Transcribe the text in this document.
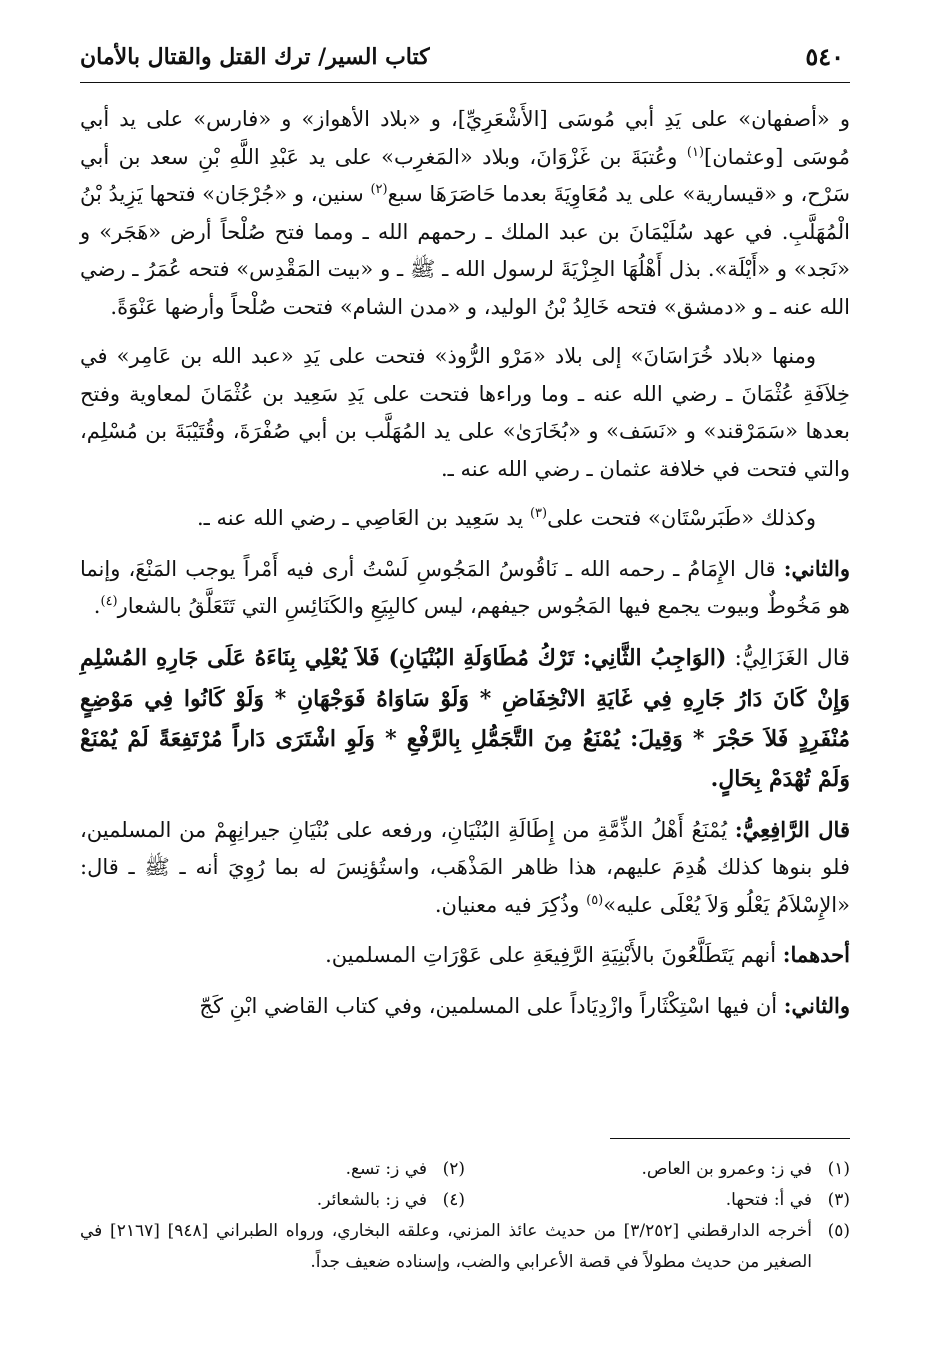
٥٤٠
كتاب السير/ ترك القتل والقتال بالأمان

و «أصفهان» على يَدِ أبي مُوسَى [الأَشْعَرِيِّ]، و «بلاد الأهواز» و «فارس» على يد أبي مُوسَى [وعثمان]$^{(١)}$ وعُتبَةَ بن غَزْوَانَ، وبلاد «المَغرِب» على يد عَبْدِ اللَّهِ بْنِ سعد بن أبي سَرْح، و «قيسارية» على يد مُعَاوِيَةَ بعدما حَاصَرَهَا سبع$^{(٢)}$ سنين، و «جُرْجَان» فتحها يَزِيدُ بْنُ الْمُهَلَّبِ. في عهد سُلَيْمَانَ بن عبد الملك ـ رحمهم الله ـ ومما فتح صُلْحاً أرض «هَجَر» و «نَجد» و «أَيْلَة». بذل أَهْلُهَا الجِزْيَةَ لرسول الله ـ ﷺ ـ و «بيت المَقْدِس» فتحه عُمَرُ ـ رضي الله عنه ـ و «دمشق» فتحه خَالِدُ بْنُ الوليد، و «مدن الشام» فتحت صُلْحاً وأرضها عَنْوَةً.

ومنها «بلاد خُرَاسَانَ» إلى بلاد «مَرْو الرُّوذ» فتحت على يَدِ «عبد الله بن عَامِر» في خِلاَفَةِ عُثْمَانَ ـ رضي الله عنه ـ وما وراءها فتحت على يَدِ سَعِيد بن عُثْمَانَ لمعاوية وفتح بعدها «سَمَرْقند» و «نَسَف» و «بُخَارَىٰ» على يد المُهَلَّب بن أبي صُفْرَةَ، وقُتَيْبَةَ بن مُسْلِم، والتي فتحت في خلافة عثمان ـ رضي الله عنه ـ.

وكذلك «طَبَرسْتَان» فتحت على$^{(٣)}$ يد سَعِيد بن العَاصِي ـ رضي الله عنه ـ.

والثاني: قال الإِمَامُ ـ رحمه الله ـ نَاقُوسُ المَجُوسِ لَسْتُ أرى فيه أَمْراً يوجب المَنْعَ، وإنما هو مَخُوطٌ وبيوت يجمع فيها المَجُوس جيفهم، ليس كالبِيَعِ والكَنَائِسِ التي تَتَعَلَّقُ بالشعار$^{(٤)}$.

قال الغَزَالِيُّ: (الوَاجِبُ الثَّانِي: تَرْكُ مُطَاوَلَةِ البُنْيَانِ) فَلاَ يُعْلِي بِنَاءَهُ عَلَى جَارِهِ المُسْلِمِ وَإِنْ كَانَ دَارُ جَارِهِ فِي غَايَةِ الانْخِفَاضِ * وَلَوْ سَاوَاهُ فَوَجْهَانِ * وَلَوْ كَانُوا فِي مَوْضِعٍ مُنْفَرِدٍ فَلاَ حَجْرَ * وَقِيلَ: يُمْنَعُ مِنَ التَّجَمُّلِ بِالرَّفْعِ * وَلَوِ اشْتَرَى دَاراً مُرْتَفِعَةً لَمْ يُمْنَعْ وَلَمْ تُهْدَمْ بِحَالٍ.

قال الرَّافِعِيُّ: يُمْنَعُ أَهْلُ الذِّمَّةِ من إِطَالَةِ البُنْيَانِ، ورفعه على بُنْيَانِ جيرانِهِمْ من المسلمين، فلو بنوها كذلك هُدِمَ عليهم، هذا ظاهر المَذْهَب، واستُؤنِسَ له بما رُوِيَ أنه ـ ﷺ ـ قال: «الإِسْلاَمُ يَعْلُو وَلاَ يُعْلَى عليه»$^{(٥)}$ وذُكِرَ فيه معنيان.

أحدهما: أنهم يَتَطَلَّعُونَ بالأَبْنِيَةِ الرَّفِيعَةِ على عَوْرَاتِ المسلمين.

والثاني: أن فيها اسْتِكْثَاراً وازْدِيَاداً على المسلمين، وفي كتاب القاضي ابْنِ كَجّ

(١)
في ز: وعمرو بن العاص.
(٢)
في ز: تسع.
(٣)
في أ: فتحها.
(٤)
في ز: بالشعائر.
(٥)
أخرجه الدارقطني [٣/٢٥٢] من حديث عائذ المزني، وعلقه البخاري، ورواه الطبراني [٩٤٨] [٢١٦٧] في الصغير من حديث مطولاً في قصة الأعرابي والضب، وإسناده ضعيف جداً.
